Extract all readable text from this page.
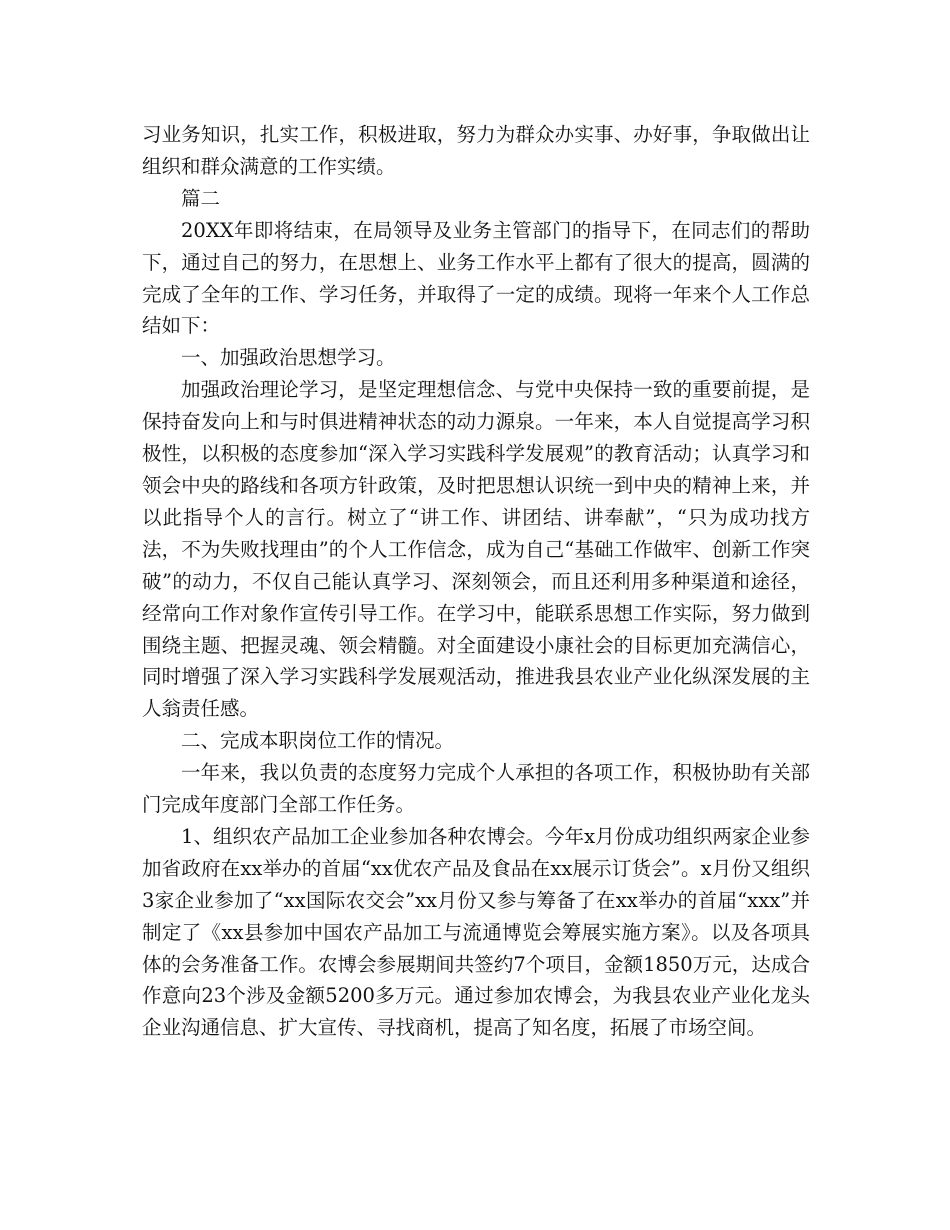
习业务知识，扎实工作，积极进取，努力为群众办实事、办好事，争取做出让组织和群众满意的工作实绩。

篇二

20XX年即将结束，在局领导及业务主管部门的指导下，在同志们的帮助下，通过自己的努力，在思想上、业务工作水平上都有了很大的提高，圆满的完成了全年的工作、学习任务，并取得了一定的成绩。现将一年来个人工作总结如下：

一、加强政治思想学习。

加强政治理论学习，是坚定理想信念、与党中央保持一致的重要前提，是保持奋发向上和与时俱进精神状态的动力源泉。一年来，本人自觉提高学习积极性，以积极的态度参加“深入学习实践科学发展观”的教育活动；认真学习和领会中央的路线和各项方针政策，及时把思想认识统一到中央的精神上来，并以此指导个人的言行。树立了“讲工作、讲团结、讲奉献”，“只为成功找方法，不为失败找理由”的个人工作信念，成为自己“基础工作做牢、创新工作突破”的动力，不仅自己能认真学习、深刻领会，而且还利用多种渠道和途径，经常向工作对象作宣传引导工作。在学习中，能联系思想工作实际，努力做到围绕主题、把握灵魂、领会精髓。对全面建设小康社会的目标更加充满信心，同时增强了深入学习实践科学发展观活动，推进我县农业产业化纵深发展的主人翁责任感。

二、完成本职岗位工作的情况。

一年来，我以负责的态度努力完成个人承担的各项工作，积极协助有关部门完成年度部门全部工作任务。

1、组织农产品加工企业参加各种农博会。今年x月份成功组织两家企业参加省政府在xx举办的首届“xx优农产品及食品在xx展示订货会”。x月份又组织3家企业参加了“xx国际农交会”xx月份又参与筹备了在xx举办的首届“xxx”并制定了《xx县参加中国农产品加工与流通博览会筹展实施方案》。以及各项具体的会务准备工作。农博会参展期间共签约7个项目，金额1850万元，达成合作意向23个涉及金额5200多万元。通过参加农博会，为我县农业产业化龙头企业沟通信息、扩大宣传、寻找商机，提高了知名度，拓展了市场空间。
